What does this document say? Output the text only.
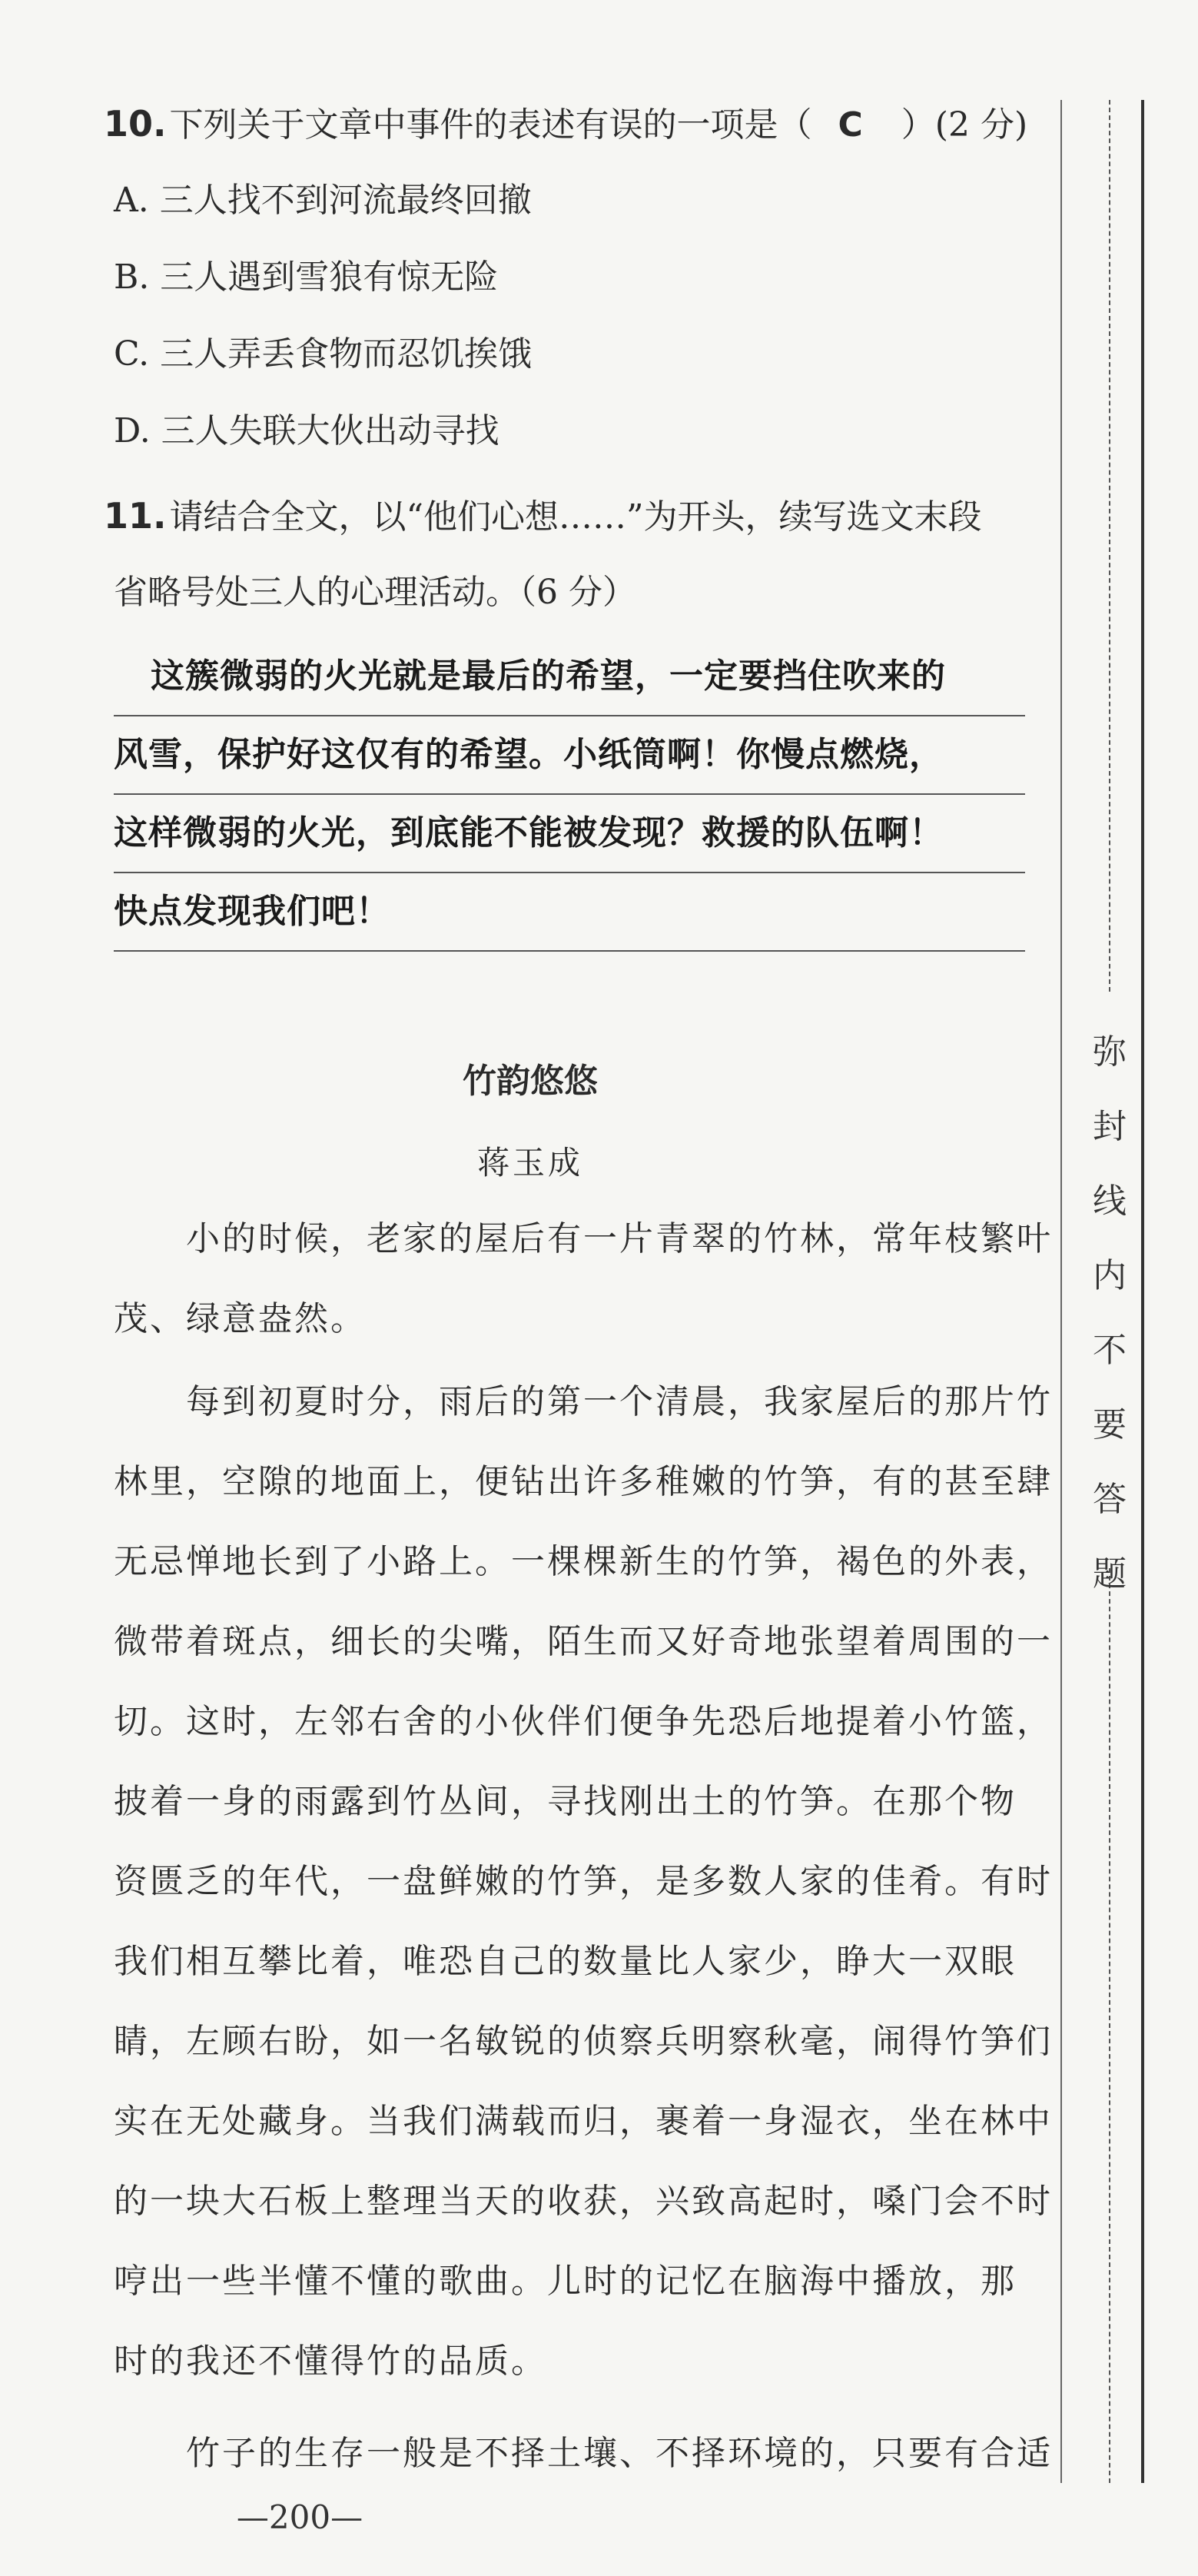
10.下列关于文章中事件的表述有误的一项是（ C ）(2 分)
A. 三人找不到河流最终回撤
B. 三人遇到雪狼有惊无险
C. 三人弄丢食物而忍饥挨饿
D. 三人失联大伙出动寻找
11.请结合全文，以“他们心想……”为开头，续写选文末段
省略号处三人的心理活动。（6 分）
这簇微弱的火光就是最后的希望，一定要挡住吹来的
风雪，保护好这仅有的希望。小纸筒啊！你慢点燃烧，
这样微弱的火光，到底能不能被发现？救援的队伍啊！
快点发现我们吧！
竹韵悠悠
蒋玉成
　　小的时候，老家的屋后有一片青翠的竹林，常年枝繁叶
茂、绿意盎然。
　　每到初夏时分，雨后的第一个清晨，我家屋后的那片竹
林里，空隙的地面上，便钻出许多稚嫩的竹笋，有的甚至肆
无忌惮地长到了小路上。一棵棵新生的竹笋，褐色的外表，
微带着斑点，细长的尖嘴，陌生而又好奇地张望着周围的一
切。这时，左邻右舍的小伙伴们便争先恐后地提着小竹篮，
披着一身的雨露到竹丛间，寻找刚出土的竹笋。在那个物
资匮乏的年代，一盘鲜嫩的竹笋，是多数人家的佳肴。有时
我们相互攀比着，唯恐自己的数量比人家少，睁大一双眼
睛，左顾右盼，如一名敏锐的侦察兵明察秋毫，闹得竹笋们
实在无处藏身。当我们满载而归，裹着一身湿衣，坐在林中
的一块大石板上整理当天的收获，兴致高起时，嗓门会不时
哼出一些半懂不懂的歌曲。儿时的记忆在脑海中播放，那
时的我还不懂得竹的品质。
　　竹子的生存一般是不择土壤、不择环境的，只要有合适
弥
封
线
内
不
要
答
题
—200—
